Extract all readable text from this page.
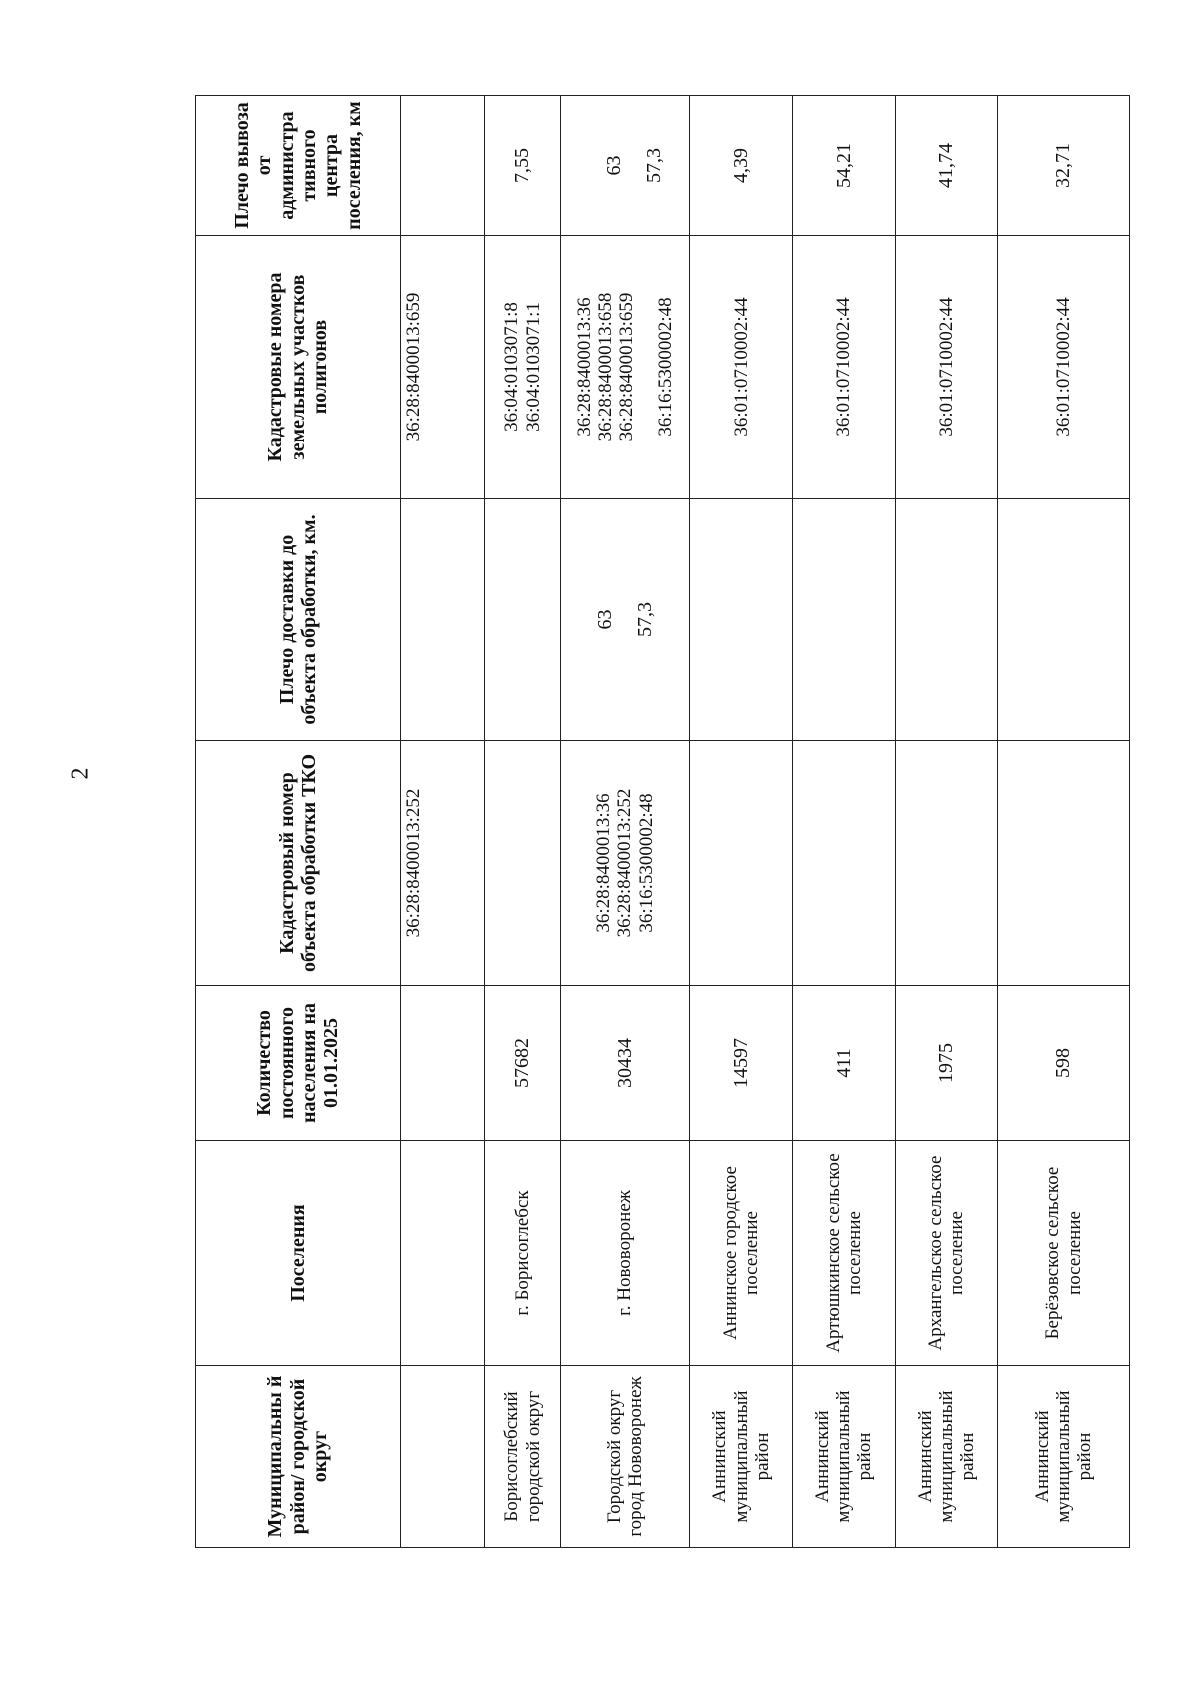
2
Муниципальны й район/ городской округ	Поселения	Количество постоянного населения на 01.01.2025	Кадастровый номер объекта обработки ТКО	Плечо доставки до объекта обработки, км.	Кадастровые номера земельных участков полигонов	Плечо вывоза от администра тивного центра поселения, км

			36:28:8400013:252		36:28:8400013:659	

Борисоглебский городской округ	г. Борисоглебск	57682			36:04:0103071:8 36:04:0103071:1	7,55
Городской округ город Нововоронеж	г. Нововоронеж	30434	36:28:8400013:36 36:28:8400013:252 36:16:5300002:48	63 57,3	36:28:8400013:36 36:28:8400013:658 36:28:8400013:659 36:16:5300002:48	63 57,3

Аннинский муниципальный район	Аннинское городское поселение	14597			36:01:0710002:44	4,39
Аннинский муниципальный район	Артюшкинское сельское поселение	411			36:01:0710002:44	54,21
Аннинский муниципальный район	Архангельское сельское поселение	1975			36:01:0710002:44	41,74
Аннинский муниципальный район	Берёзовское сельское поселение	598			36:01:0710002:44	32,71
